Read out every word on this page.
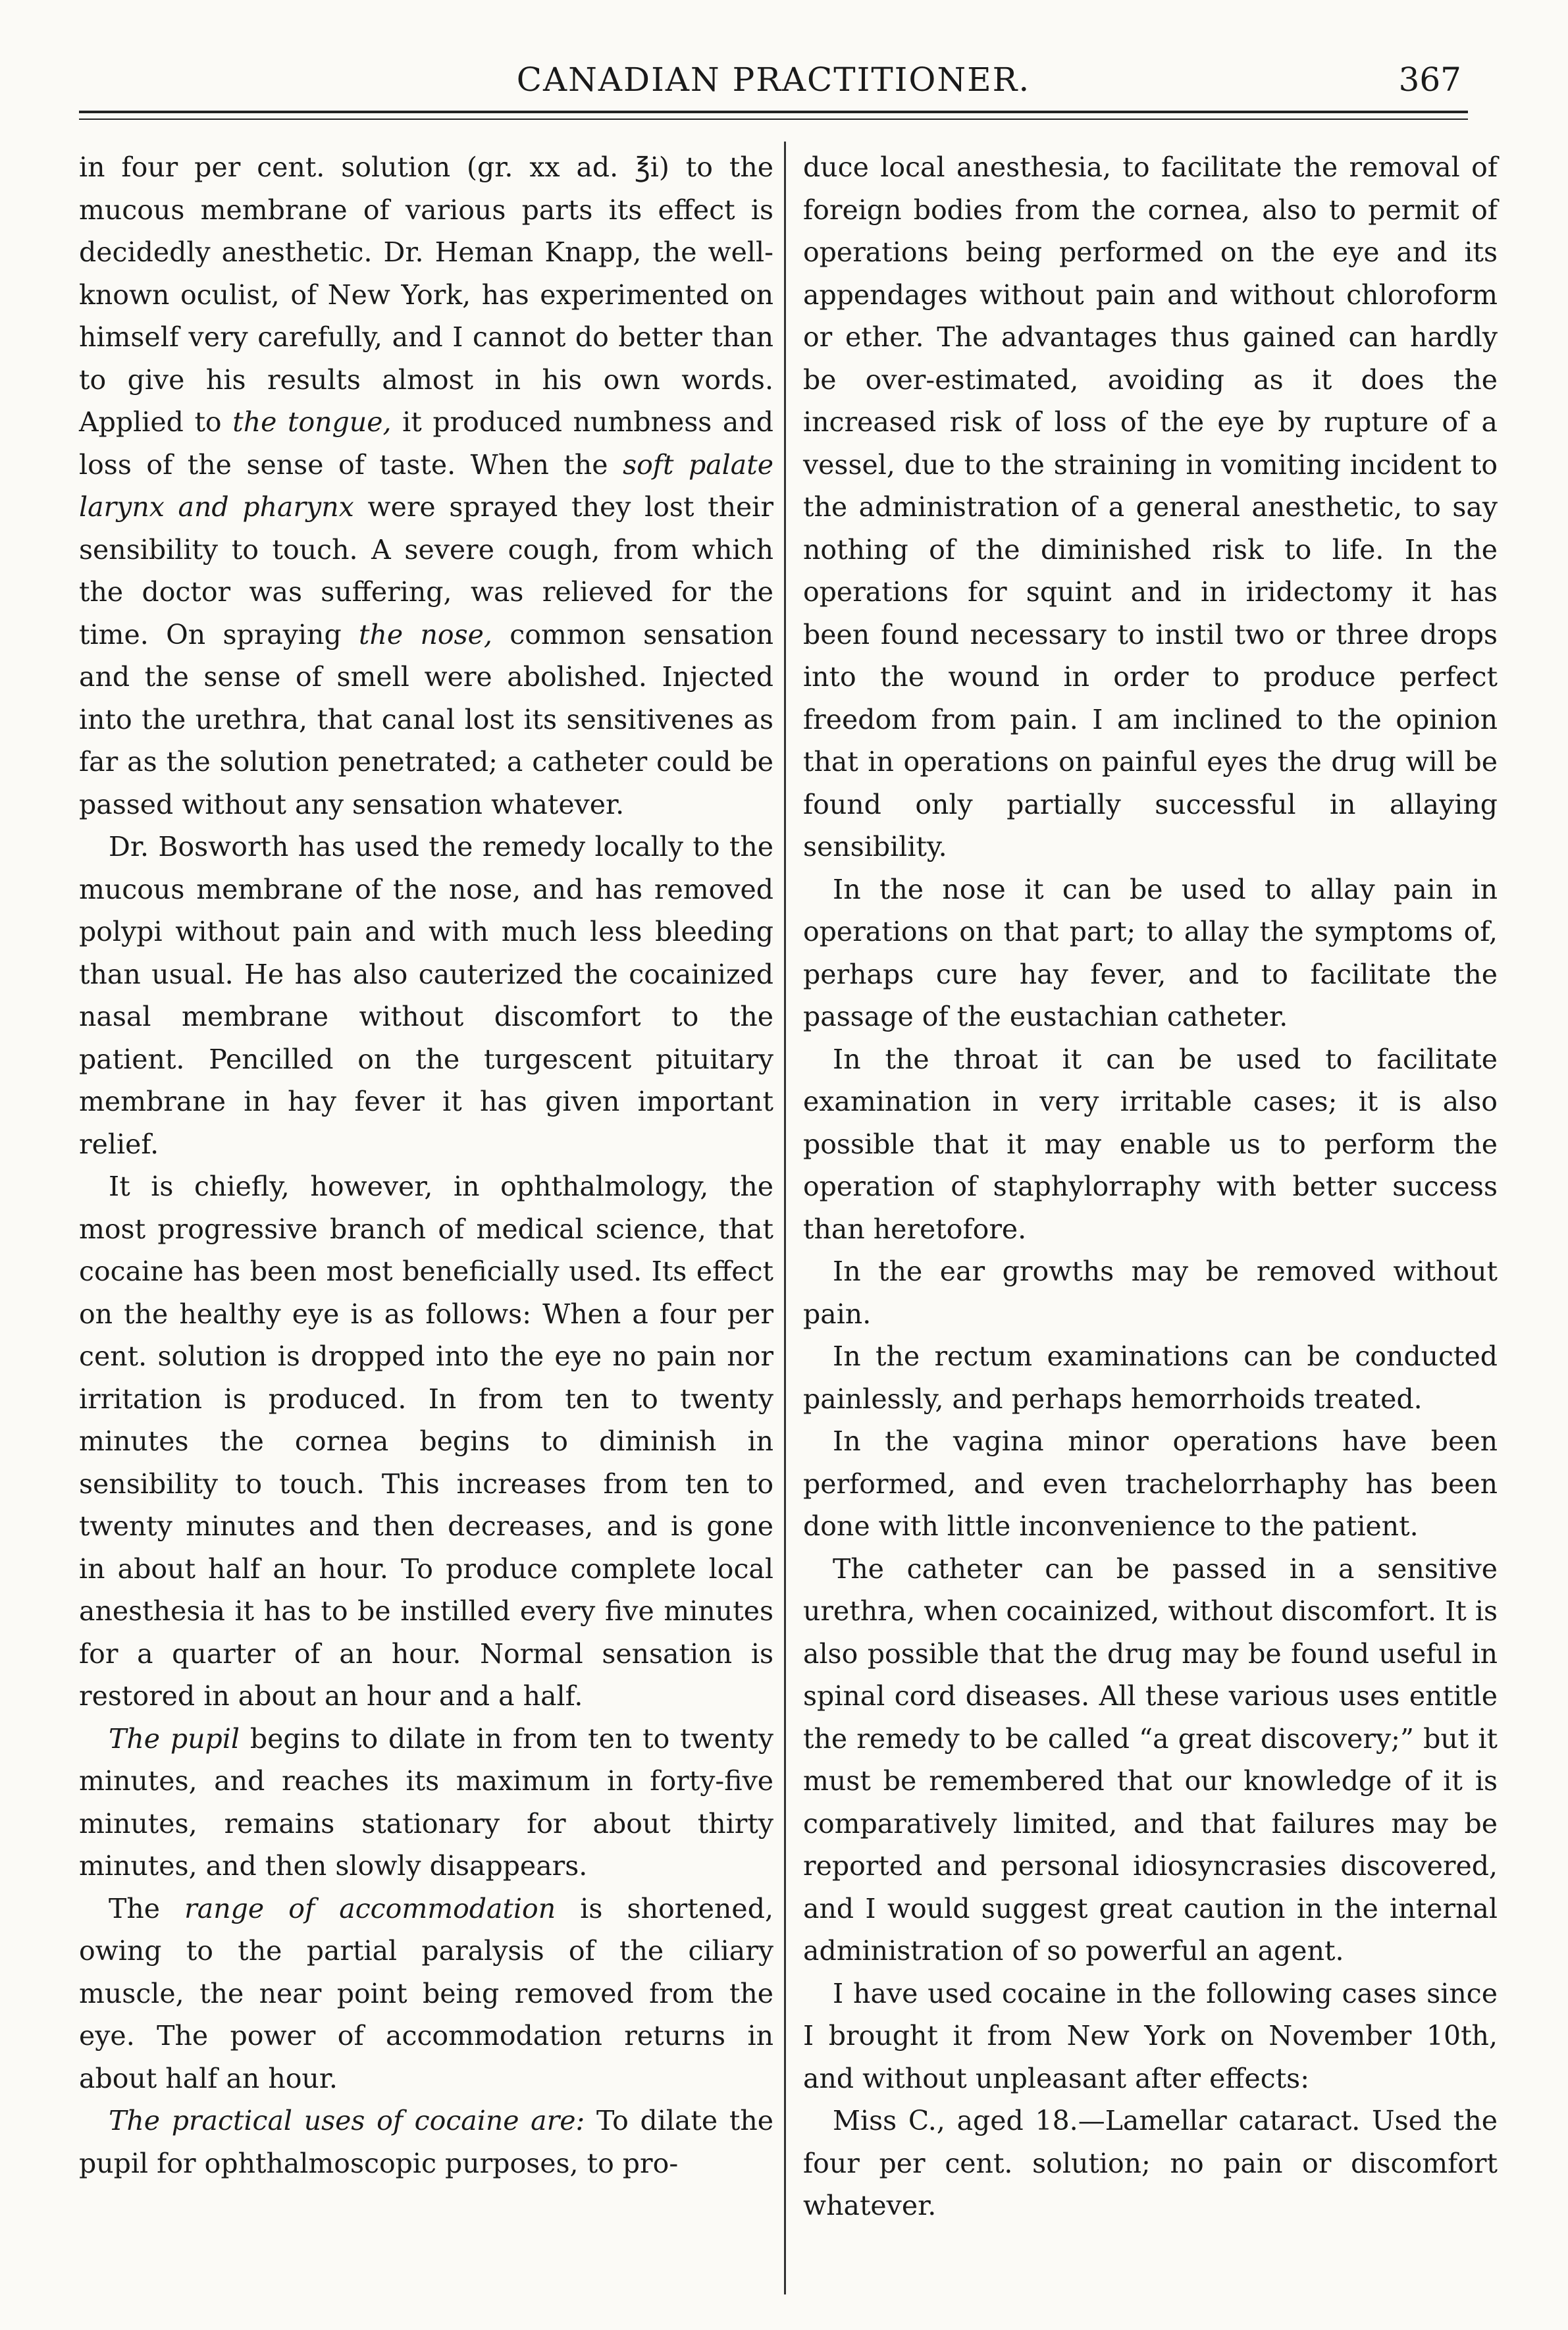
CANADIAN PRACTITIONER.	367

in four per cent. solution (gr. xx ad. ℥i) to the mucous membrane of various parts its effect is decidedly anesthetic. Dr. Heman Knapp, the well-known oculist, of New York, has experimented on himself very carefully, and I cannot do better than to give his results almost in his own words. Applied to the tongue, it produced numbness and loss of the sense of taste. When the soft palate larynx and pharynx were sprayed they lost their sensibility to touch. A severe cough, from which the doctor was suffering, was relieved for the time. On spraying the nose, common sensation and the sense of smell were abolished. Injected into the urethra, that canal lost its sensitivenes as far as the solution penetrated; a catheter could be passed without any sensation whatever.

Dr. Bosworth has used the remedy locally to the mucous membrane of the nose, and has removed polypi without pain and with much less bleeding than usual. He has also cauterized the cocainized nasal membrane without discomfort to the patient. Pencilled on the turgescent pituitary membrane in hay fever it has given important relief.

It is chiefly, however, in ophthalmology, the most progressive branch of medical science, that cocaine has been most beneficially used. Its effect on the healthy eye is as follows: When a four per cent. solution is dropped into the eye no pain nor irritation is produced. In from ten to twenty minutes the cornea begins to diminish in sensibility to touch. This increases from ten to twenty minutes and then decreases, and is gone in about half an hour. To produce complete local anesthesia it has to be instilled every five minutes for a quarter of an hour. Normal sensation is restored in about an hour and a half.

The pupil begins to dilate in from ten to twenty minutes, and reaches its maximum in forty-five minutes, remains stationary for about thirty minutes, and then slowly disappears.

The range of accommodation is shortened, owing to the partial paralysis of the ciliary muscle, the near point being removed from the eye. The power of accommodation returns in about half an hour.

The practical uses of cocaine are: To dilate the pupil for ophthalmoscopic purposes, to pro-

duce local anesthesia, to facilitate the removal of foreign bodies from the cornea, also to permit of operations being performed on the eye and its appendages without pain and without chloroform or ether. The advantages thus gained can hardly be over-estimated, avoiding as it does the increased risk of loss of the eye by rupture of a vessel, due to the straining in vomiting incident to the administration of a general anesthetic, to say nothing of the diminished risk to life. In the operations for squint and in iridectomy it has been found necessary to instil two or three drops into the wound in order to produce perfect freedom from pain. I am inclined to the opinion that in operations on painful eyes the drug will be found only partially successful in allaying sensibility.

In the nose it can be used to allay pain in operations on that part; to allay the symptoms of, perhaps cure hay fever, and to facilitate the passage of the eustachian catheter.

In the throat it can be used to facilitate examination in very irritable cases; it is also possible that it may enable us to perform the operation of staphylorraphy with better success than heretofore.

In the ear growths may be removed without pain.

In the rectum examinations can be conducted painlessly, and perhaps hemorrhoids treated.

In the vagina minor operations have been performed, and even trachelorrhaphy has been done with little inconvenience to the patient.

The catheter can be passed in a sensitive urethra, when cocainized, without discomfort. It is also possible that the drug may be found useful in spinal cord diseases. All these various uses entitle the remedy to be called “a great discovery;” but it must be remembered that our knowledge of it is comparatively limited, and that failures may be reported and personal idiosyncrasies discovered, and I would suggest great caution in the internal administration of so powerful an agent.

I have used cocaine in the following cases since I brought it from New York on November 10th, and without unpleasant after effects:

Miss C., aged 18.—Lamellar cataract. Used the four per cent. solution; no pain or discomfort whatever.
